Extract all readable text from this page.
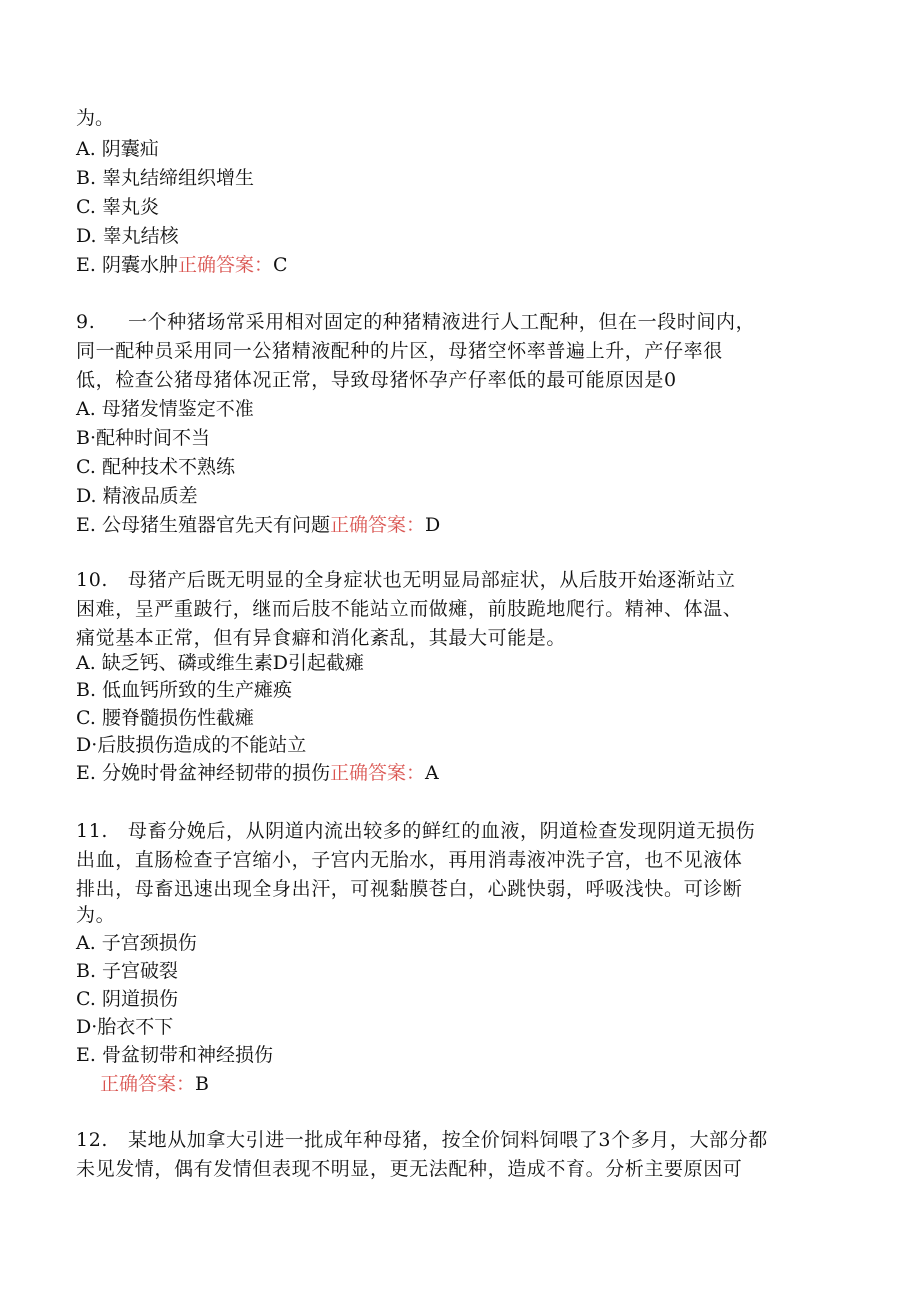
为。
A. 阴囊疝
B. 睾丸结缔组织增生
C. 睾丸炎
D. 睾丸结核
E. 阴囊水肿正确答案：C
9. 一个种猪场常采用相对固定的种猪精液进行人工配种，但在一段时间内，
同一配种员采用同一公猪精液配种的片区，母猪空怀率普遍上升，产仔率很
低，检查公猪母猪体况正常，导致母猪怀孕产仔率低的最可能原因是0
A. 母猪发情鉴定不准
B·配种时间不当
C. 配种技术不熟练
D. 精液品质差
E. 公母猪生殖器官先天有问题正确答案：D
10. 母猪产后既无明显的全身症状也无明显局部症状，从后肢开始逐渐站立
困难，呈严重跛行，继而后肢不能站立而做瘫，前肢跪地爬行。精神、体温、
痛觉基本正常，但有异食癖和消化紊乱，其最大可能是。
A. 缺乏钙、磷或维生素D引起截瘫
B. 低血钙所致的生产瘫痪
C. 腰脊髓损伤性截瘫
D·后肢损伤造成的不能站立
E. 分娩时骨盆神经韧带的损伤正确答案：A
11. 母畜分娩后，从阴道内流出较多的鲜红的血液，阴道检查发现阴道无损伤
出血，直肠检查子宫缩小，子宫内无胎水，再用消毒液冲洗子宫，也不见液体
排出，母畜迅速出现全身出汗，可视黏膜苍白，心跳快弱，呼吸浅快。可诊断
为。
A. 子宫颈损伤
B. 子宫破裂
C. 阴道损伤
D·胎衣不下
E. 骨盆韧带和神经损伤
正确答案：B
12. 某地从加拿大引进一批成年种母猪，按全价饲料饲喂了3个多月，大部分都
未见发情，偶有发情但表现不明显，更无法配种，造成不育。分析主要原因可
